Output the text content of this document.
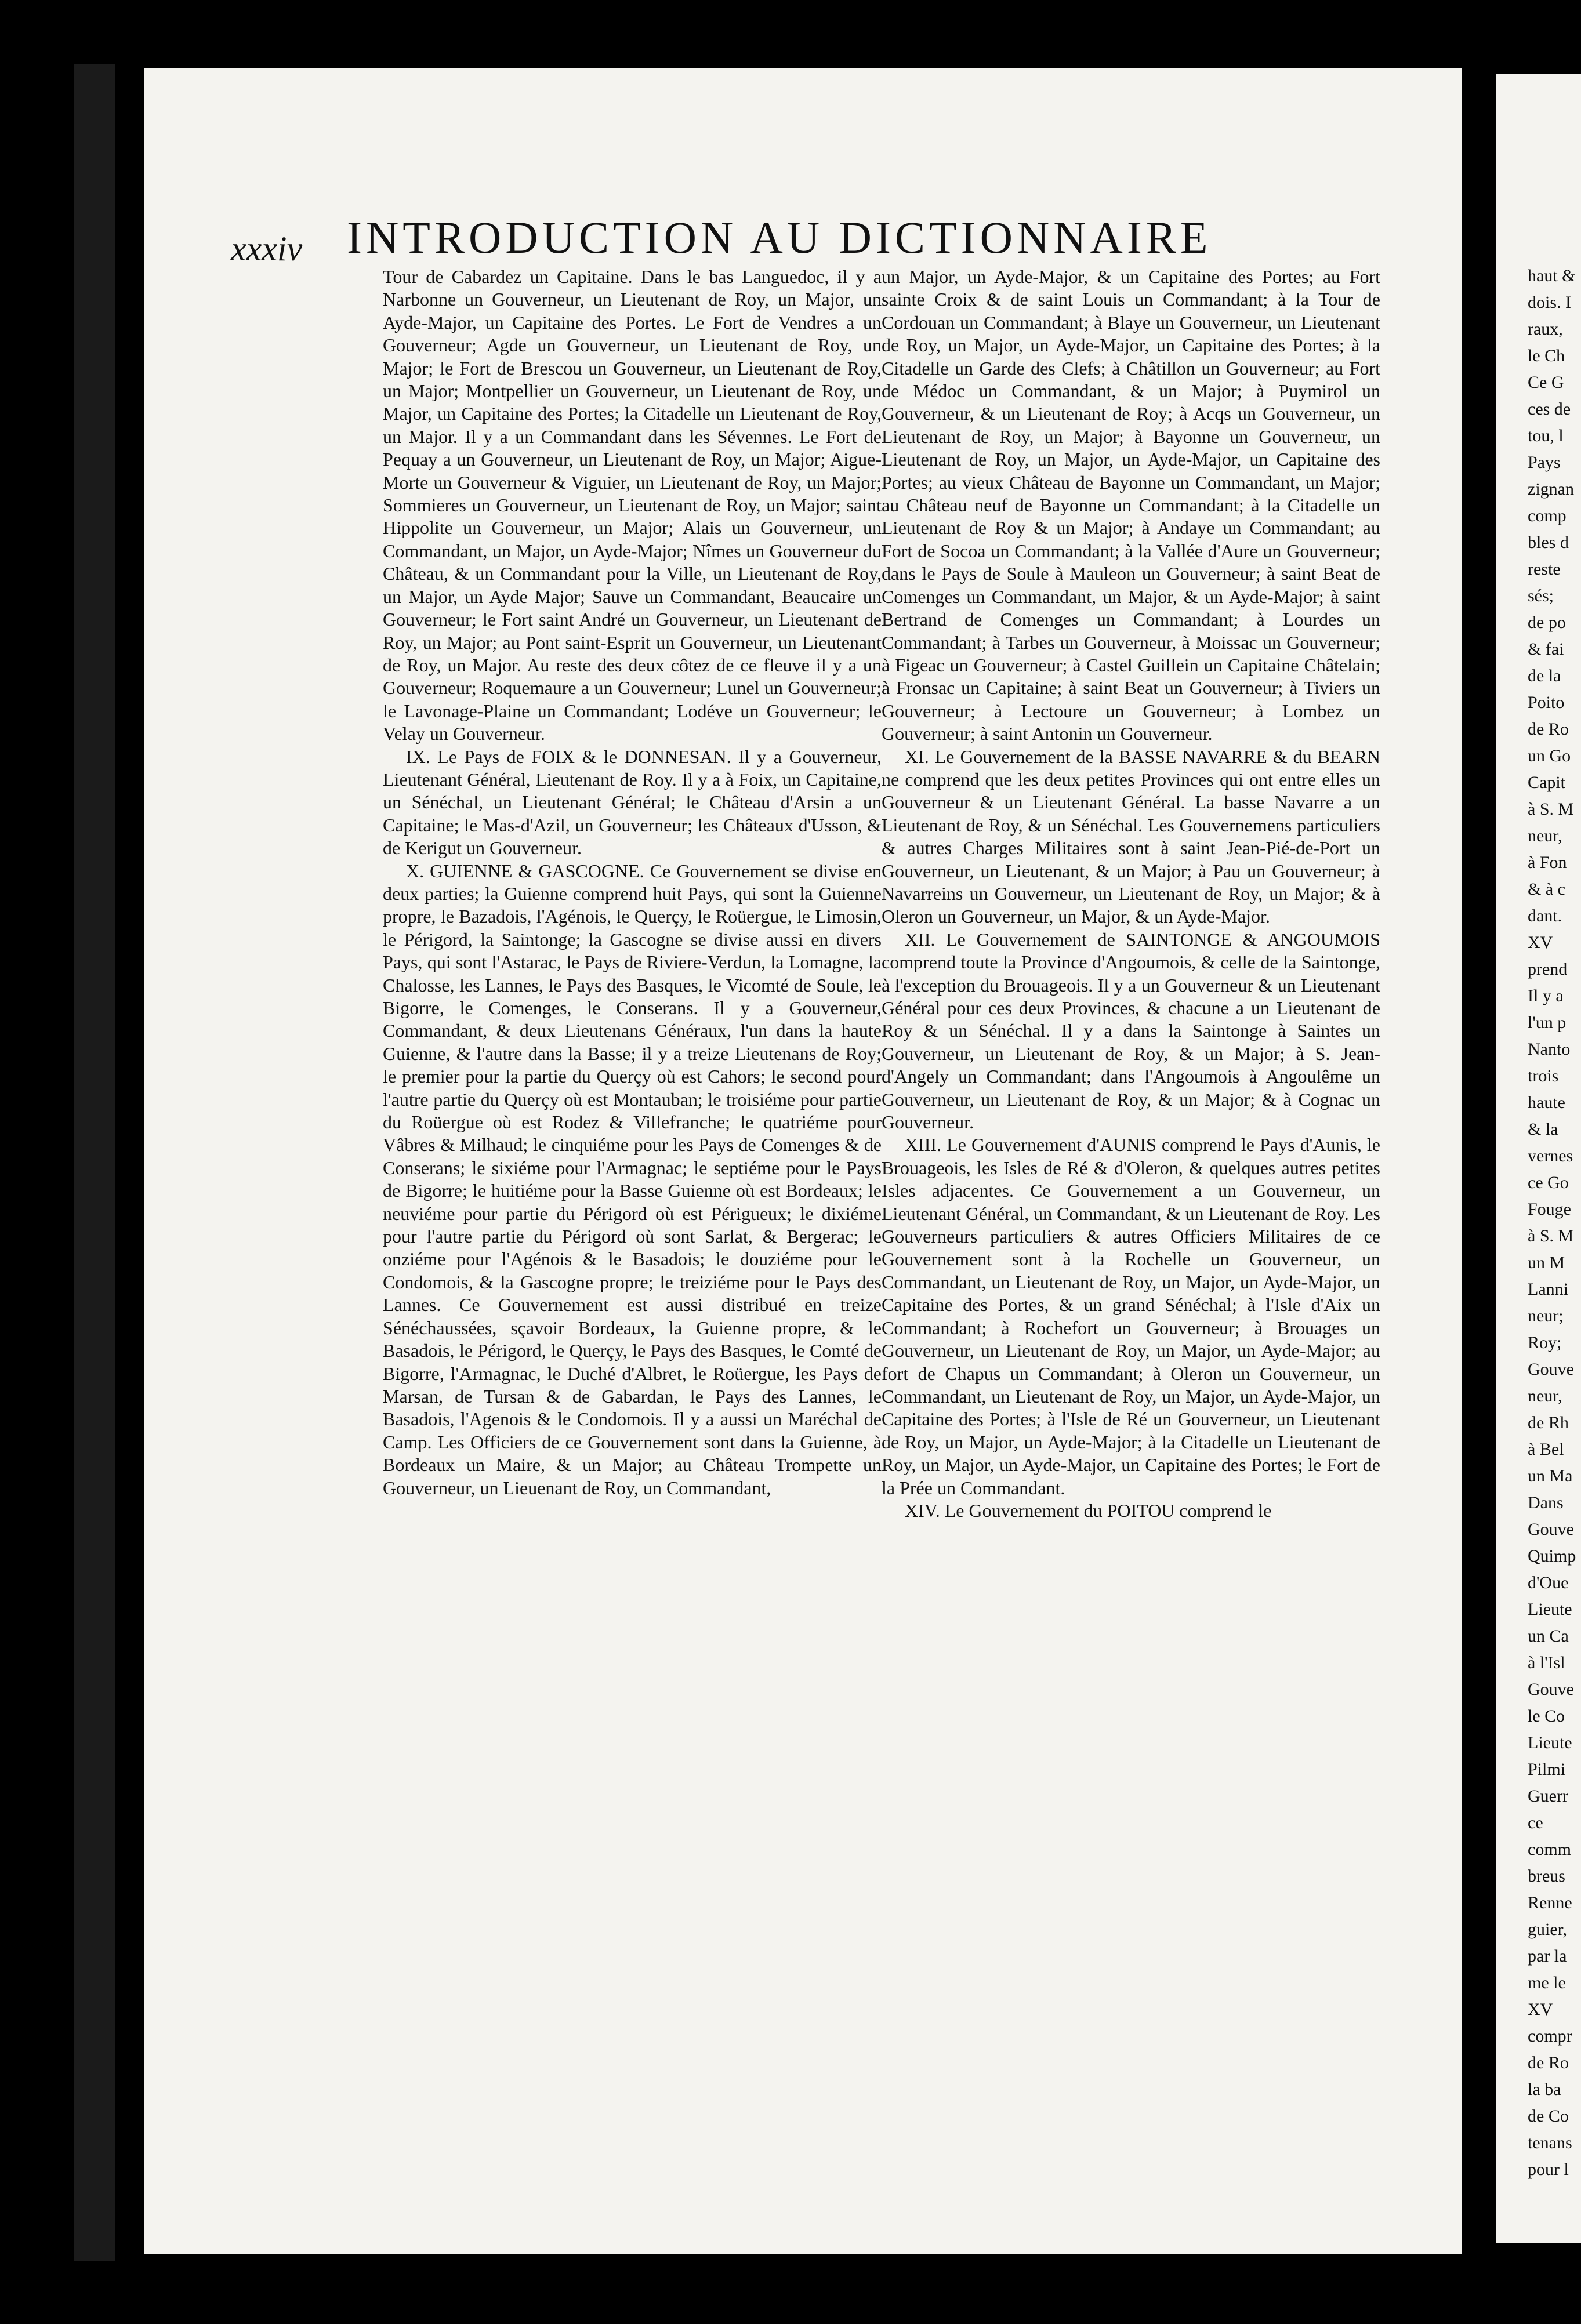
xxxiv INTRODUCTION AU DICTIONNAIRE

Tour de Cabardez un Capitaine. Dans le bas Languedoc, il y a Narbonne un Gouverneur, un Lieutenant de Roy, un Major, un Ayde-Major, un Capitaine des Portes. Le Fort de Vendres a un Gouverneur; Agde un Gouverneur, un Lieutenant de Roy, un Major; le Fort de Brescou un Gouverneur, un Lieutenant de Roy, un Major; Montpellier un Gouverneur, un Lieutenant de Roy, un Major, un Capitaine des Portes; la Citadelle un Lieutenant de Roy, un Major. Il y a un Commandant dans les Sévennes. Le Fort de Pequay a un Gouverneur, un Lieutenant de Roy, un Major; Aigue-Morte un Gouverneur & Viguier, un Lieutenant de Roy, un Major; Sommieres un Gouverneur, un Lieutenant de Roy, un Major; saint Hippolite un Gouverneur, un Major; Alais un Gouverneur, un Commandant, un Major, un Ayde-Major; Nîmes un Gouverneur du Château, & un Commandant pour la Ville, un Lieutenant de Roy, un Major, un Ayde Major; Sauve un Commandant, Beaucaire un Gouverneur; le Fort saint André un Gouverneur, un Lieutenant de Roy, un Major; au Pont saint-Esprit un Gouverneur, un Lieutenant de Roy, un Major. Au reste des deux côtez de ce fleuve il y a un Gouverneur; Roquemaure a un Gouverneur; Lunel un Gouverneur; le Lavonage-Plaine un Commandant; Lodéve un Gouverneur; le Velay un Gouverneur.

IX. Le Pays de FOIX & le DONNESAN. Il y a Gouverneur, Lieutenant Général, Lieutenant de Roy. Il y a à Foix, un Capitaine, un Sénéchal, un Lieutenant Général; le Château d'Arsin a un Capitaine; le Mas-d'Azil, un Gouverneur; les Châteaux d'Usson, & de Kerigut un Gouverneur.

X. GUIENNE & GASCOGNE. Ce Gouvernement se divise en deux parties; la Guienne comprend huit Pays, qui sont la Guienne propre, le Bazadois, l'Agénois, le Querçy, le Roüergue, le Limosin, le Périgord, la Saintonge; la Gascogne se divise aussi en divers Pays, qui sont l'Astarac, le Pays de Riviere-Verdun, la Lomagne, la Chalosse, les Lannes, le Pays des Basques, le Vicomté de Soule, le Bigorre, le Comenges, le Conserans. Il y a Gouverneur, Commandant, & deux Lieutenans Généraux, l'un dans la haute Guienne, & l'autre dans la Basse; il y a treize Lieutenans de Roy; le premier pour la partie du Querçy où est Cahors; le second pour l'autre partie du Querçy où est Montauban; le troisiéme pour partie du Roüergue où est Rodez & Villefranche; le quatriéme pour Vâbres & Milhaud; le cinquiéme pour les Pays de Comenges & de Conserans; le sixiéme pour l'Armagnac; le septiéme pour le Pays de Bigorre; le huitiéme pour la Basse Guienne où est Bordeaux; le neuviéme pour partie du Périgord où est Périgueux; le dixiéme pour l'autre partie du Périgord où sont Sarlat, & Bergerac; le onziéme pour l'Agénois & le Basadois; le douziéme pour le Condomois, & la Gascogne propre; le treiziéme pour le Pays des Lannes. Ce Gouvernement est aussi distribué en treize Sénéchaussées, sçavoir Bordeaux, la Guienne propre, & le Basadois, le Périgord, le Querçy, le Pays des Basques, le Comté de Bigorre, l'Armagnac, le Duché d'Albret, le Roüergue, les Pays de Marsan, de Tursan & de Gabardan, le Pays des Lannes, le Basadois, l'Agenois & le Condomois. Il y a aussi un Maréchal de Camp. Les Officiers de ce Gouvernement sont dans la Guienne, à Bordeaux un Maire, & un Major; au Château Trompette un Gouverneur, un Lieuenant de Roy, un Commandant,

un Major, un Ayde-Major, & un Capitaine des Portes; au Fort sainte Croix & de saint Louis un Commandant; à la Tour de Cordouan un Commandant; à Blaye un Gouverneur, un Lieutenant de Roy, un Major, un Ayde-Major, un Capitaine des Portes; à la Citadelle un Garde des Clefs; à Châtillon un Gouverneur; au Fort de Médoc un Commandant, & un Major; à Puymirol un Gouverneur, & un Lieutenant de Roy; à Acqs un Gouverneur, un Lieutenant de Roy, un Major; à Bayonne un Gouverneur, un Lieutenant de Roy, un Major, un Ayde-Major, un Capitaine des Portes; au vieux Château de Bayonne un Commandant, un Major; au Château neuf de Bayonne un Commandant; à la Citadelle un Lieutenant de Roy & un Major; à Andaye un Commandant; au Fort de Socoa un Commandant; à la Vallée d'Aure un Gouverneur; dans le Pays de Soule à Mauleon un Gouverneur; à saint Beat de Comenges un Commandant, un Major, & un Ayde-Major; à saint Bertrand de Comenges un Commandant; à Lourdes un Commandant; à Tarbes un Gouverneur, à Moissac un Gouverneur; à Figeac un Gouverneur; à Castel Guillein un Capitaine Châtelain; à Fronsac un Capitaine; à saint Beat un Gouverneur; à Tiviers un Gouverneur; à Lectoure un Gouverneur; à Lombez un Gouverneur; à saint Antonin un Gouverneur.

XI. Le Gouvernement de la BASSE NAVARRE & du BEARN ne comprend que les deux petites Provinces qui ont entre elles un Gouverneur & un Lieutenant Général. La basse Navarre a un Lieutenant de Roy, & un Sénéchal. Les Gouvernemens particuliers & autres Charges Militaires sont à saint Jean-Pié-de-Port un Gouverneur, un Lieutenant, & un Major; à Pau un Gouverneur; à Navarreins un Gouverneur, un Lieutenant de Roy, un Major; & à Oleron un Gouverneur, un Major, & un Ayde-Major.

XII. Le Gouvernement de SAINTONGE & ANGOUMOIS comprend toute la Province d'Angoumois, & celle de la Saintonge, à l'exception du Brouageois. Il y a un Gouverneur & un Lieutenant Général pour ces deux Provinces, & chacune a un Lieutenant de Roy & un Sénéchal. Il y a dans la Saintonge à Saintes un Gouverneur, un Lieutenant de Roy, & un Major; à S. Jean-d'Angely un Commandant; dans l'Angoumois à Angoulême un Gouverneur, un Lieutenant de Roy, & un Major; & à Cognac un Gouverneur.

XIII. Le Gouvernement d'AUNIS comprend le Pays d'Aunis, le Brouageois, les Isles de Ré & d'Oleron, & quelques autres petites Isles adjacentes. Ce Gouvernement a un Gouverneur, un Lieutenant Général, un Commandant, & un Lieutenant de Roy. Les Gouverneurs particuliers & autres Officiers Militaires de ce Gouvernement sont à la Rochelle un Gouverneur, un Commandant, un Lieutenant de Roy, un Major, un Ayde-Major, un Capitaine des Portes, & un grand Sénéchal; à l'Isle d'Aix un Commandant; à Rochefort un Gouverneur; à Brouages un Gouverneur, un Lieutenant de Roy, un Major, un Ayde-Major; au fort de Chapus un Commandant; à Oleron un Gouverneur, un Commandant, un Lieutenant de Roy, un Major, un Ayde-Major, un Capitaine des Portes; à l'Isle de Ré un Gouverneur, un Lieutenant de Roy, un Major, un Ayde-Major; à la Citadelle un Lieutenant de Roy, un Major, un Ayde-Major, un Capitaine des Portes; le Fort de la Prée un Commandant.

XIV. Le Gouvernement du POITOU comprend le

haut &
dois. I
raux,
le Ch
Ce G
ces de
tou, l
Pays
zignan
comp
bles d
reste
sés;
de po
& fai
de la
Poito
de Ro
un Go
Capit
à S. M
neur,
à Fon
& à c
dant.
XV
prend
Il y a
l'un p
Nanto
trois
haute
& la
vernes
ce Go
Fouge
à S. M
un M
Lanni
neur;
Roy;
Gouve
neur,
de Rh
à Bel
un Ma
Dans
Gouve
Quimp
d'Oue
Lieute
un Ca
à l'Isl
Gouve
le Co
Lieute
Pilmi
Guerr
ce
comm
breus
Renne
guier,
par la
me le
XV
compr
de Ro
la ba
de Co
tenans
pour l
